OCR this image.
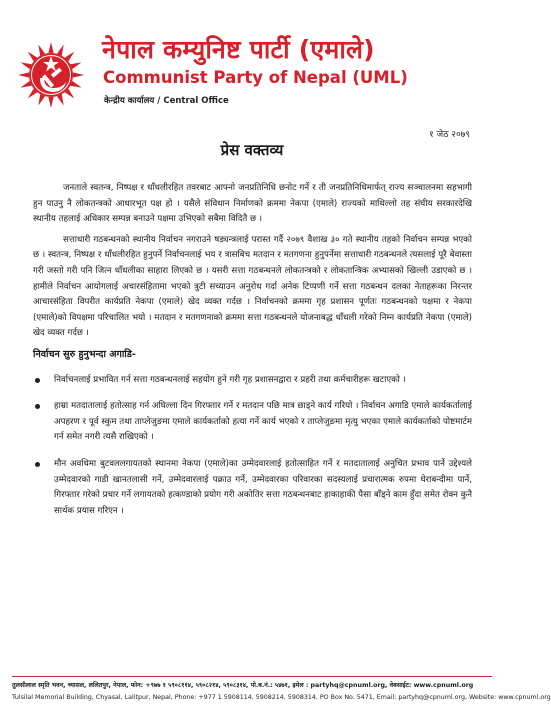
नेपाल कम्युनिष्ट पार्टी (एमाले)
Communist Party of Nepal (UML)
केन्द्रीय कार्यालय / Central Office
१ जेठ २०७९
प्रेस वक्तव्य

जनताले स्वतन्त्र, निष्पक्ष र धाँधलीरहित तवरबाट आफ्नो जनप्रतिनिधि छनोट गर्ने र ती जनप्रतिनिधिमार्फत् राज्य सञ्चालनमा सहभागी हुन पाउनु नै लोकतन्त्रको आधारभूत पक्ष हो । यसैले संविधान निर्माणको क्रममा नेकपा (एमाले) राज्यको माथिल्लो तह संघीय सरकारदेखि स्थानीय तहलाई अधिकार सम्पन्न बनाउने पक्षमा उभिएको सबैमा विदितै छ ।

सत्ताधारी गठबन्धनको स्थानीय निर्वाचन नगराउने षड्यन्त्रलाई परास्त गर्दै २०७९ वैशाख ३० गते स्थानीय तहको निर्वाचन सम्पन्न भएको छ । स्वतन्त्र, निष्पक्ष र धाँधलीरहित हुनुपर्ने निर्वाचनलाई भय र त्रासबिच मतदान र मतगणना हुनुपर्नेमा सत्ताधारी गठबन्धनले त्यसलाई पूरै बेवास्ता गरी जस्तो गरी पनि जित्न धाँधलीका साहारा लिएको छ । यसरी सत्ता गठबन्धनले लोकतन्त्रको र लोकतान्त्रिक अभ्यासको खिल्ली उडाएको छ । हामीले निर्वाचन आयोगलाई अचारसंहितामा भएको त्रुटी सच्याउन अनुरोध गर्दा अनेक टिप्पणी गर्ने सत्ता गठबन्धन दलका नेताहरूका निरन्तर आचारसंहिता विपरीत कार्यप्रति नेकपा (एमाले) खेद व्यक्त गर्दछ । निर्वाचनको क्रममा गृह प्रशासन पूर्णतः गठबन्धनको पक्षमा र नेकपा (एमाले)को विपक्षमा परिचालित भयो । मतदान र मतगणनाको क्रममा सत्ता गठबन्धनले योजनाबद्ध धाँधली गरेको निम्न कार्यप्रति नेकपा (एमाले) खेद व्यक्त गर्दछ ।

निर्वाचन सुरु हुनुभन्दा अगाडि-
निर्वाचनलाई प्रभावित गर्न सत्ता गठबन्धनलाई सहयोग हुने गरी गृह प्रशासनद्वारा र प्रहरी तथा कर्मचारीहरू खटाएको ।
हाम्रा मतदातालाई हतोत्साह गर्न अघिल्ला दिन गिरफ्तार गर्ने र मतदान पछि मात्र छाड्ने कार्य गरियो । निर्वाचन अगाडि एमाले कार्यकर्तालाई अपहरण र पूर्व स्कुम तथा ताप्लेजुङमा एमाले कार्यकर्ताको हत्या गर्ने कार्य भएको र ताप्लेजुङमा मृत्यु भएका एमाले कार्यकर्ताको पोष्टमार्टम गर्न समेत नगरी त्यसै राखिएको ।
मौन अवधिमा बुटवललगायतको स्थानमा नेकपा (एमाले)का उम्मेदवारलाई हतोत्साहित गर्ने र मतदातालाई अनुचित प्रभाव पार्ने उद्देश्यले उम्मेदवारको गाडी खानतलासी गर्ने, उम्मेदवारलाई पक्राउ गर्ने, उम्मेदवारका परिवारका सदस्यलाई प्रचारात्मक रुपमा घेराबन्दीमा पार्ने, गिरफ्तार गरेको प्रचार गर्ने लगायतको हत्कण्डाको प्रयोग गरी अकोतिर सत्ता गठबन्धनबाट हाकाहाकी पैसा बाँड्ने काम हुँदा समेत रोक्न कुनै सार्थक प्रयास गरिएन ।
तुलसीलाल स्मृति भवन, च्यासल, ललितपुर, नेपाल, फोन: +९७७ १ ५९०८११४, ५९०८२१४, ५९०८३१४, पो.ब.नं.: ५४७१, इमेल : partyhq@cpnuml.org, वेबसाईट: www.cpnuml.org
Tulsilal Memorial Building, Chyasal, Lalitpur, Nepal, Phone: +977 1 5908114, 5908214, 5908314, PO Box No. 5471, Email: partyhq@cpnuml.org, Website: www.cpnuml.org
